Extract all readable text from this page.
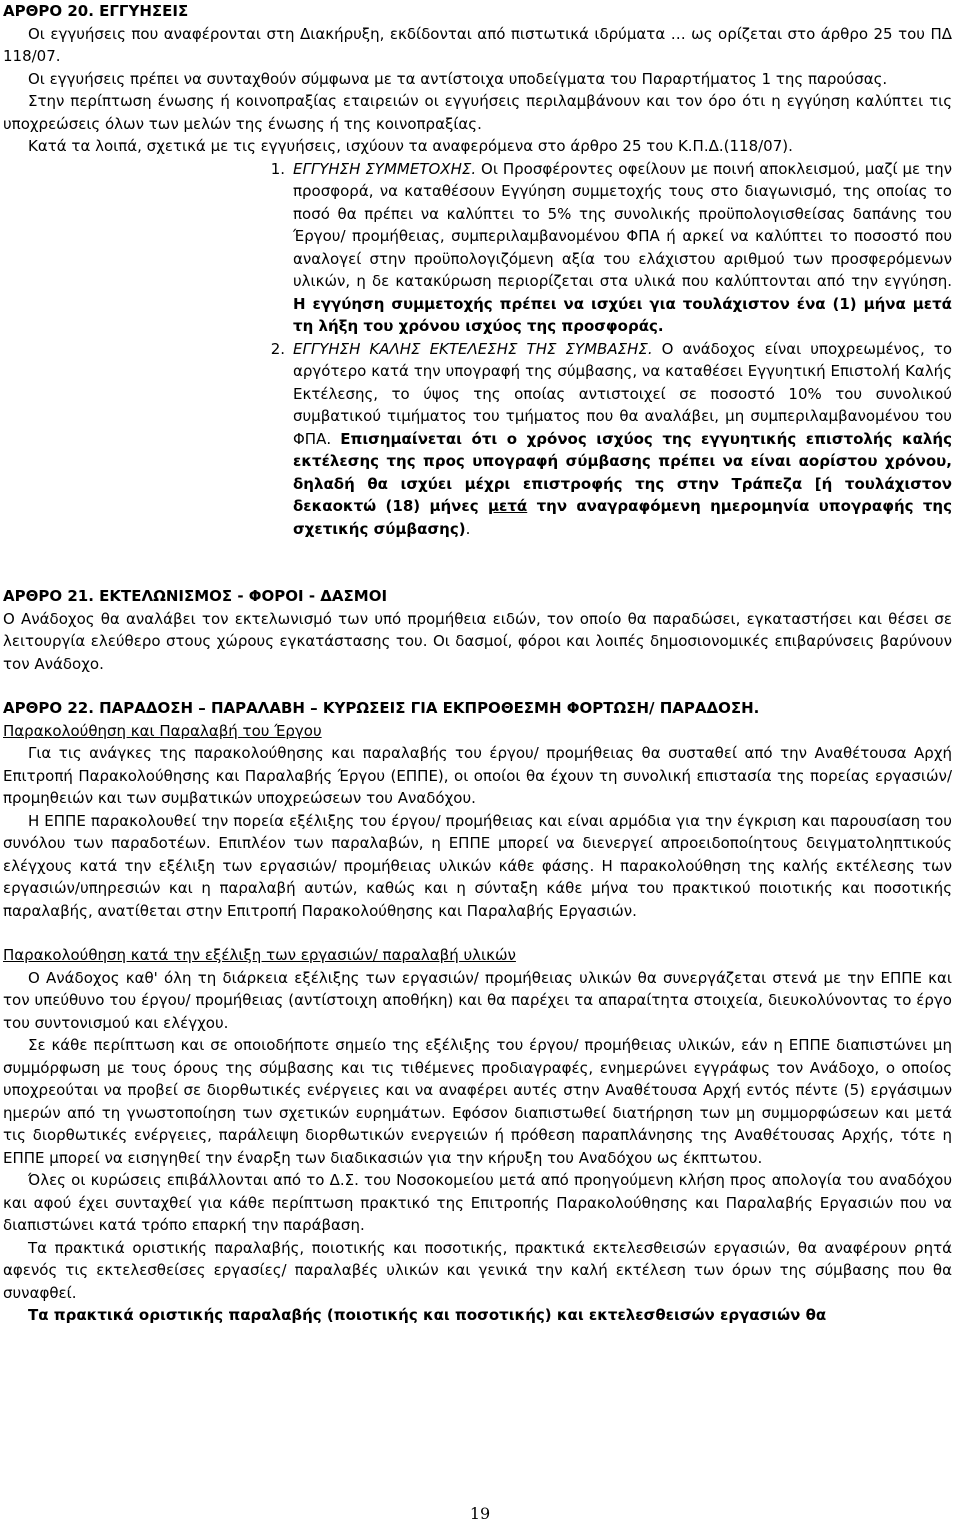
ΑΡΘΡΟ 20. ΕΓΓΥΗΣΕΙΣ

Οι εγγυήσεις που αναφέρονται στη Διακήρυξη, εκδίδονται από πιστωτικά ιδρύματα … ως ορίζεται στο άρθρο 25 του ΠΔ 118/07.

Οι εγγυήσεις πρέπει να συνταχθούν σύμφωνα με τα αντίστοιχα υποδείγματα του Παραρτήματος 1 της παρούσας.

Στην περίπτωση ένωσης ή κοινοπραξίας εταιρειών οι εγγυήσεις περιλαμβάνουν και τον όρο ότι η εγγύηση καλύπτει τις υποχρεώσεις όλων των μελών της ένωσης ή της κοινοπραξίας.

Κατά τα λοιπά, σχετικά με τις εγγυήσεις, ισχύουν τα αναφερόμενα στο άρθρο 25 του Κ.Π.Δ.(118/07).

1. ΕΓΓΥΗΣΗ ΣΥΜΜΕΤΟΧΗΣ. Οι Προσφέροντες οφείλουν με ποινή αποκλεισμού, μαζί με την προσφορά, να καταθέσουν Εγγύηση συμμετοχής τους στο διαγωνισμό, της οποίας το ποσό θα πρέπει να καλύπτει το 5% της συνολικής προϋπολογισθείσας δαπάνης του Έργου/ προμήθειας, συμπεριλαμβανομένου ΦΠΑ ή αρκεί να καλύπτει το ποσοστό που αναλογεί στην προϋπολογιζόμενη αξία του ελάχιστου αριθμού των προσφερόμενων υλικών, η δε κατακύρωση περιορίζεται στα υλικά που καλύπτονται από την εγγύηση. Η εγγύηση συμμετοχής πρέπει να ισχύει για τουλάχιστον ένα (1) μήνα μετά τη λήξη του χρόνου ισχύος της προσφοράς.

2. ΕΓΓΥΗΣΗ ΚΑΛΗΣ ΕΚΤΕΛΕΣΗΣ ΤΗΣ ΣΥΜΒΑΣΗΣ. Ο ανάδοχος είναι υποχρεωμένος, το αργότερο κατά την υπογραφή της σύμβασης, να καταθέσει Εγγυητική Επιστολή Καλής Εκτέλεσης, το ύψος της οποίας αντιστοιχεί σε ποσοστό 10% του συνολικού συμβατικού τιμήματος του τμήματος που θα αναλάβει, μη συμπεριλαμβανομένου του ΦΠΑ. Επισημαίνεται ότι ο χρόνος ισχύος της εγγυητικής επιστολής καλής εκτέλεσης της προς υπογραφή σύμβασης πρέπει να είναι αορίστου χρόνου, δηλαδή θα ισχύει μέχρι επιστροφής της στην Τράπεζα [ή τουλάχιστον δεκαοκτώ (18) μήνες μετά την αναγραφόμενη ημερομηνία υπογραφής της σχετικής σύμβασης).

ΑΡΘΡΟ 21. ΕΚΤΕΛΩΝΙΣΜΟΣ - ΦΟΡΟΙ - ΔΑΣΜΟΙ

Ο Ανάδοχος θα αναλάβει τον εκτελωνισμό των υπό προμήθεια ειδών, τον οποίο θα παραδώσει, εγκαταστήσει και θέσει σε λειτουργία ελεύθερο στους χώρους εγκατάστασης του. Οι δασμοί, φόροι και λοιπές δημοσιονομικές επιβαρύνσεις βαρύνουν τον Ανάδοχο.

ΑΡΘΡΟ 22. ΠΑΡΑΔΟΣΗ – ΠΑΡΑΛΑΒΗ – ΚΥΡΩΣΕΙΣ ΓΙΑ ΕΚΠΡΟΘΕΣΜΗ ΦΟΡΤΩΣΗ/ ΠΑΡΑΔΟΣΗ.

Παρακολούθηση και Παραλαβή του Έργου

Για τις ανάγκες της παρακολούθησης και παραλαβής του έργου/ προμήθειας θα συσταθεί από την Αναθέτουσα Αρχή Επιτροπή Παρακολούθησης και Παραλαβής Έργου (ΕΠΠΕ), οι οποίοι θα έχουν τη συνολική επιστασία της πορείας εργασιών/ προμηθειών και των συμβατικών υποχρεώσεων του Αναδόχου.

Η ΕΠΠΕ παρακολουθεί την πορεία εξέλιξης του έργου/ προμήθειας και είναι αρμόδια για την έγκριση και παρουσίαση του συνόλου των παραδοτέων. Επιπλέον των παραλαβών, η ΕΠΠΕ μπορεί να διενεργεί απροειδοποίητους δειγματοληπτικούς ελέγχους κατά την εξέλιξη των εργασιών/ προμήθειας υλικών κάθε φάσης. Η παρακολούθηση της καλής εκτέλεσης των εργασιών/υπηρεσιών και η παραλαβή αυτών, καθώς και η σύνταξη κάθε μήνα του πρακτικού ποιοτικής και ποσοτικής παραλαβής, ανατίθεται στην Επιτροπή Παρακολούθησης και Παραλαβής Εργασιών.

Παρακολούθηση κατά την εξέλιξη των εργασιών/ παραλαβή υλικών

Ο Ανάδοχος καθ' όλη τη διάρκεια εξέλιξης των εργασιών/ προμήθειας υλικών θα συνεργάζεται στενά με την ΕΠΠΕ και τον υπεύθυνο του έργου/ προμήθειας (αντίστοιχη αποθήκη) και θα παρέχει τα απαραίτητα στοιχεία, διευκολύνοντας το έργο του συντονισμού και ελέγχου.

Σε κάθε περίπτωση και σε οποιοδήποτε σημείο της εξέλιξης του έργου/ προμήθειας υλικών, εάν η ΕΠΠΕ διαπιστώνει μη συμμόρφωση με τους όρους της σύμβασης και τις τιθέμενες προδιαγραφές, ενημερώνει εγγράφως τον Ανάδοχο, ο οποίος υποχρεούται να προβεί σε διορθωτικές ενέργειες και να αναφέρει αυτές στην Αναθέτουσα Αρχή εντός πέντε (5) εργάσιμων ημερών από τη γνωστοποίηση των σχετικών ευρημάτων. Εφόσον διαπιστωθεί διατήρηση των μη συμμορφώσεων και μετά τις διορθωτικές ενέργειες, παράλειψη διορθωτικών ενεργειών ή πρόθεση παραπλάνησης της Αναθέτουσας Αρχής, τότε η ΕΠΠΕ μπορεί να εισηγηθεί την έναρξη των διαδικασιών για την κήρυξη του Αναδόχου ως έκπτωτου.

Όλες οι κυρώσεις επιβάλλονται από το Δ.Σ. του Νοσοκομείου μετά από προηγούμενη κλήση προς απολογία του αναδόχου και αφού έχει συνταχθεί για κάθε περίπτωση πρακτικό της Επιτροπής Παρακολούθησης και Παραλαβής Εργασιών που να διαπιστώνει κατά τρόπο επαρκή την παράβαση.

Τα πρακτικά οριστικής παραλαβής, ποιοτικής και ποσοτικής, πρακτικά εκτελεσθεισών εργασιών, θα αναφέρουν ρητά αφενός τις εκτελεσθείσες εργασίες/ παραλαβές υλικών και γενικά την καλή εκτέλεση των όρων της σύμβασης που θα συναφθεί.

Τα πρακτικά οριστικής παραλαβής (ποιοτικής και ποσοτικής) και εκτελεσθεισών εργασιών θα

19
